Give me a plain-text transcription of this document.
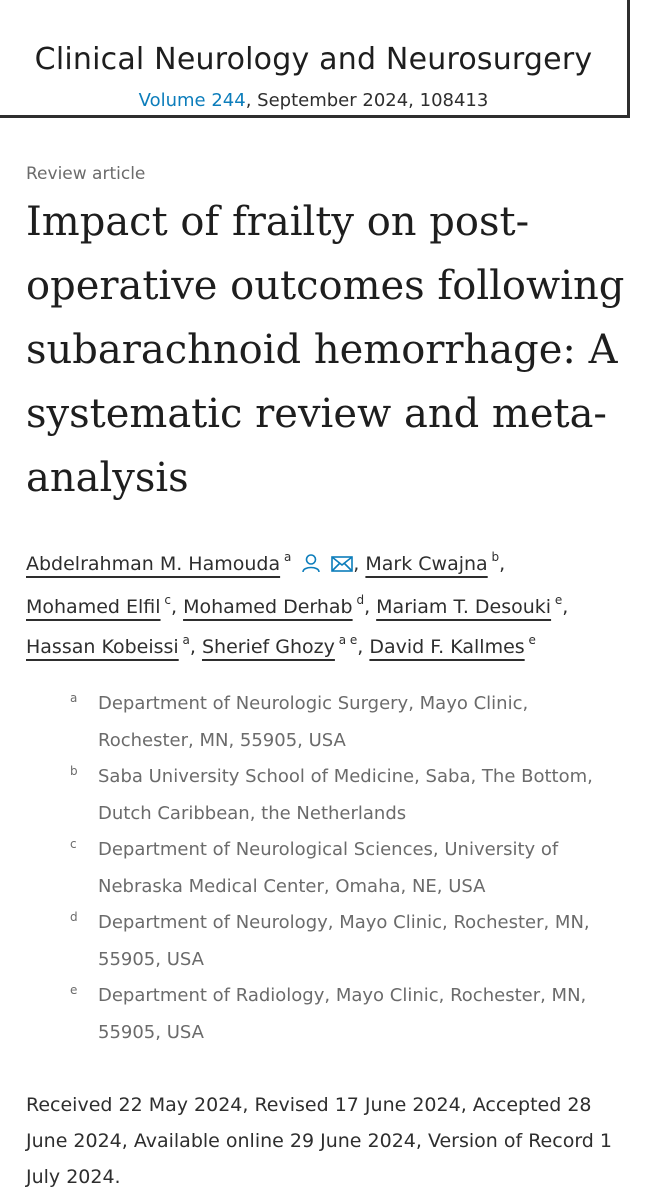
Clinical Neurology and Neurosurgery
Volume 244, September 2024, 108413
Review article
Impact of frailty on post-operative outcomes following subarachnoid hemorrhage: A systematic review and meta-analysis
Abdelrahman M. Hamouda $^a$	, Mark Cwajna $^b$,
Mohamed Elfil $^c$, Mohamed Derhab $^d$, Mariam T. Desouki $^e$,
Hassan Kobeissi $^a$, Sherief Ghozy $^{a e}$, David F. Kallmes $^e$
a Department of Neurologic Surgery, Mayo Clinic, Rochester, MN, 55905, USA
b Saba University School of Medicine, Saba, The Bottom, Dutch Caribbean, the Netherlands
c Department of Neurological Sciences, University of Nebraska Medical Center, Omaha, NE, USA
d Department of Neurology, Mayo Clinic, Rochester, MN, 55905, USA
e Department of Radiology, Mayo Clinic, Rochester, MN, 55905, USA
Received 22 May 2024, Revised 17 June 2024, Accepted 28 June 2024, Available online 29 June 2024, Version of Record 1 July 2024.
